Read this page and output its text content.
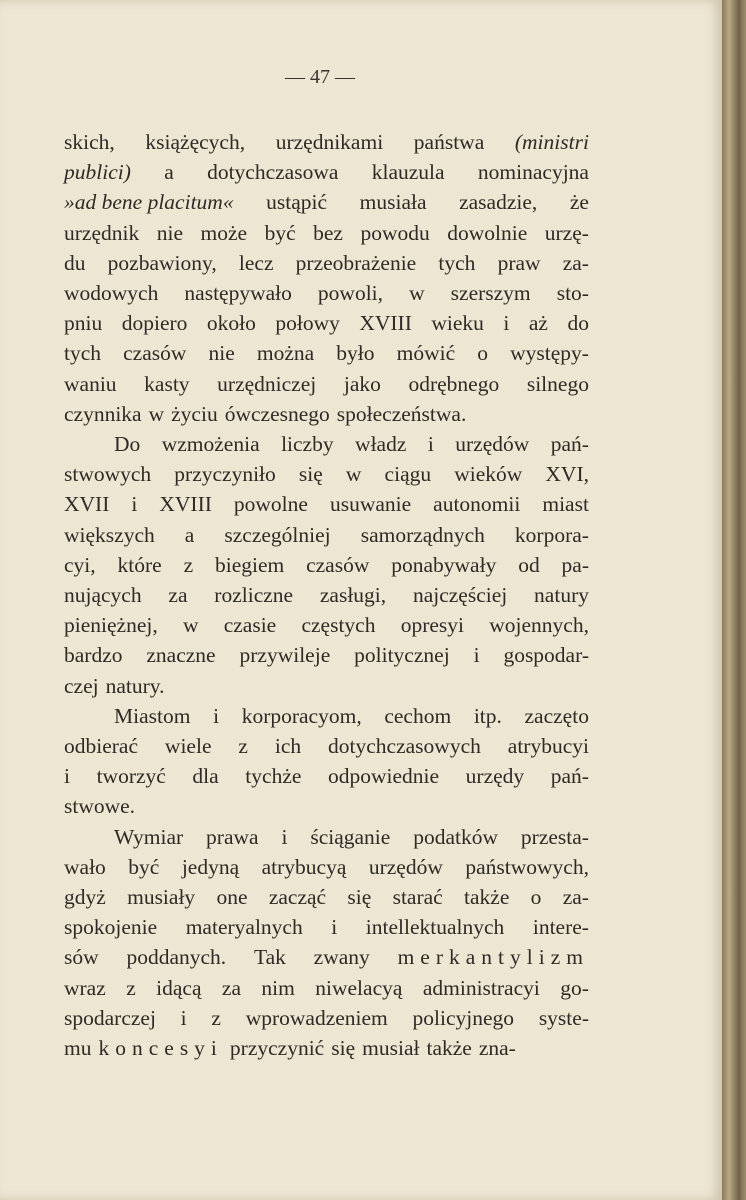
— 47 —
skich, książęcych, urzędnikami państwa (ministri
publici) a dotychczasowa klauzula nominacyjna
»ad bene placitum« ustąpić musiała zasadzie, że
urzędnik nie może być bez powodu dowolnie urzę-
du pozbawiony, lecz przeobrażenie tych praw za-
wodowych następywało powoli, w szerszym sto-
pniu dopiero około połowy XVIII wieku i aż do
tych czasów nie można było mówić o występy-
waniu kasty urzędniczej jako odrębnego silnego
czynnika w życiu ówczesnego społeczeństwa.
Do wzmożenia liczby władz i urzędów pań-
stwowych przyczyniło się w ciągu wieków XVI,
XVII i XVIII powolne usuwanie autonomii miast
większych a szczególniej samorządnych korpora-
cyi, które z biegiem czasów ponabywały od pa-
nujących za rozliczne zasługi, najczęściej natury
pieniężnej, w czasie częstych opresyi wojennych,
bardzo znaczne przywileje politycznej i gospodar-
czej natury.
Miastom i korporacyom, cechom itp. zaczęto
odbierać wiele z ich dotychczasowych atrybucyi
i tworzyć dla tychże odpowiednie urzędy pań-
stwowe.
Wymiar prawa i ściąganie podatków przesta-
wało być jedyną atrybucyą urzędów państwowych,
gdyż musiały one zacząć się starać także o za-
spokojenie materyalnych i intellektualnych intere-
sów poddanych. Tak zwany merkantylizm
wraz z idącą za nim niwelacyą administracyi go-
spodarczej i z wprowadzeniem policyjnego syste-
mu koncesyi przyczynić się musiał także zna-
